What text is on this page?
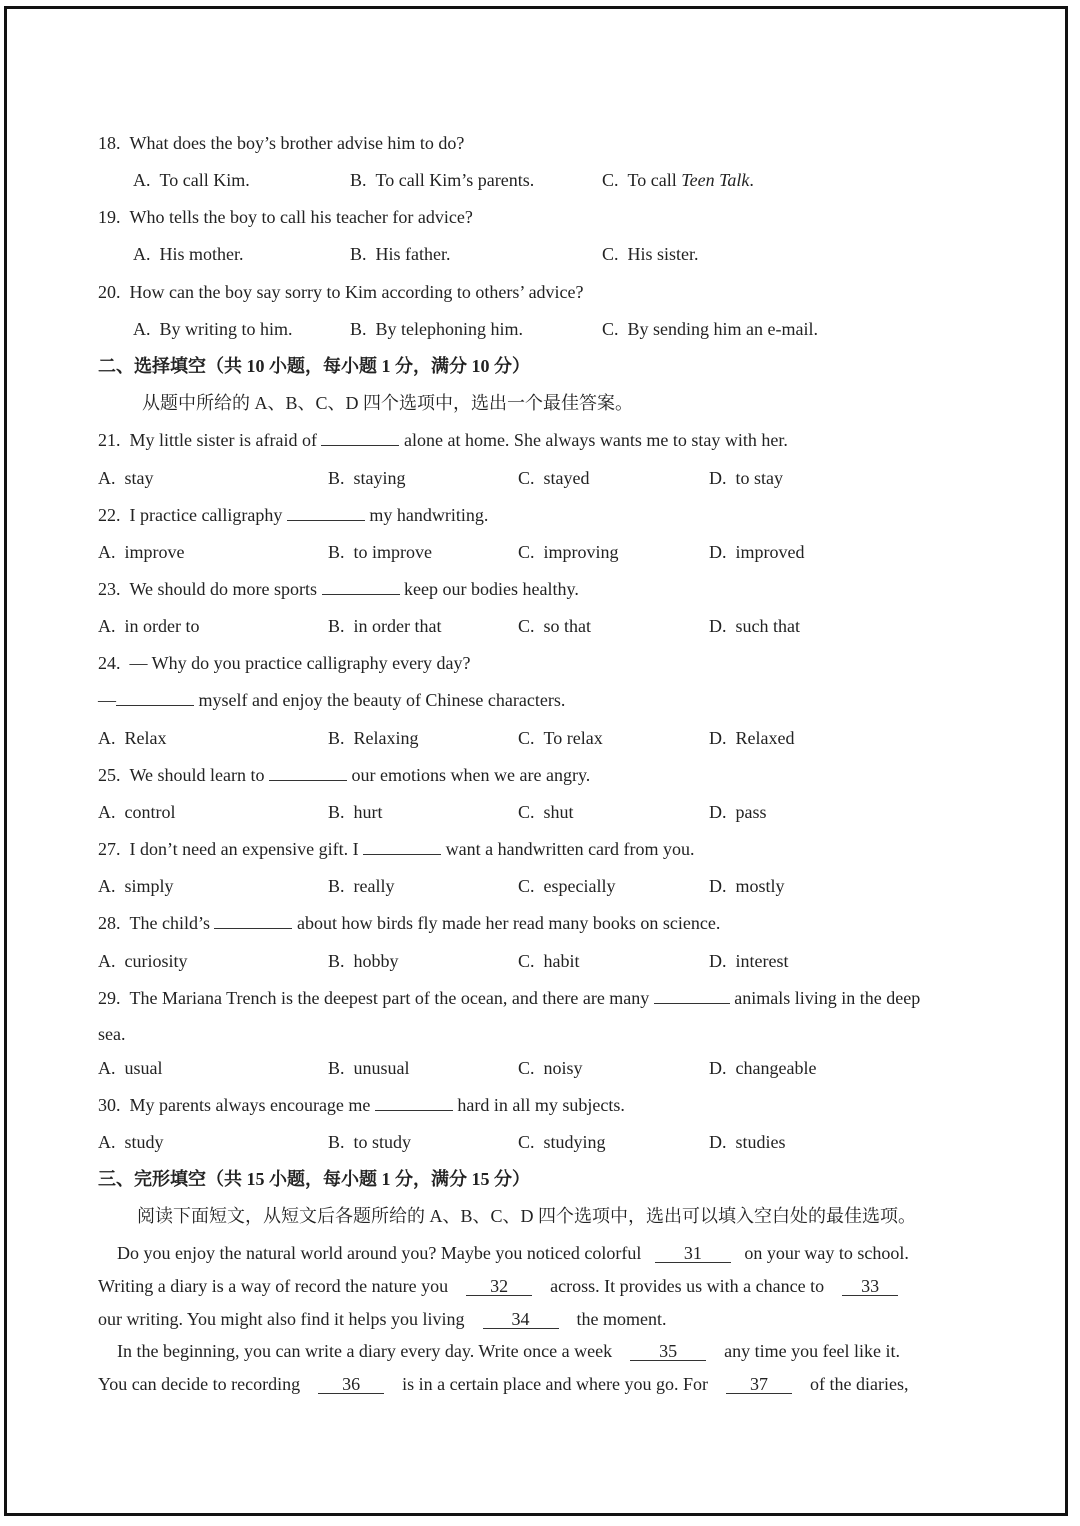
18. What does the boy’s brother advise him to do?
A. To call Kim.	B. To call Kim’s parents.	C. To call Teen Talk.
19. Who tells the boy to call his teacher for advice?
A. His mother.	B. His father.	C. His sister.
20. How can the boy say sorry to Kim according to others’ advice?
A. By writing to him.	B. By telephoning him.	C. By sending him an e-mail.
二、选择填空（共 10 小题，每小题 1 分，满分 10 分）
从题中所给的 A、B、C、D 四个选项中，选出一个最佳答案。
21. My little sister is afraid of	alone at home. She always wants me to stay with her.
A. stay	B. staying	C. stayed	D. to stay
22. I practice calligraphy	my handwriting.
A. improve	B. to improve	C. improving	D. improved
23. We should do more sports	keep our bodies healthy.
A. in order to	B. in order that	C. so that	D. such that
24. — Why do you practice calligraphy every day?
—	myself and enjoy the beauty of Chinese characters.
A. Relax	B. Relaxing	C. To relax	D. Relaxed
25. We should learn to	our emotions when we are angry.
A. control	B. hurt	C. shut	D. pass
27. I don’t need an expensive gift. I	want a handwritten card from you.
A. simply	B. really	C. especially	D. mostly
28. The child’s	about how birds fly made her read many books on science.
A. curiosity	B. hobby	C. habit	D. interest
29. The Mariana Trench is the deepest part of the ocean, and there are many	animals living in the deep
sea.
A. usual	B. unusual	C. noisy	D. changeable
30. My parents always encourage me	hard in all my subjects.
A. study	B. to study	C. studying	D. studies
三、完形填空（共 15 小题，每小题 1 分，满分 15 分）
阅读下面短文，从短文后各题所给的 A、B、C、D 四个选项中，选出可以填入空白处的最佳选项。
Do you enjoy the natural world around you? Maybe you noticed colorful 31 on your way to school.
Writing a diary is a way of record the nature you 32 across. It provides us with a chance to 33
our writing. You might also find it helps you living	34	the moment.
In the beginning, you can write a diary every day. Write once a week	35	any time you feel like it.
You can decide to recording 36 is in a certain place and where you go. For 37 of the diaries,
